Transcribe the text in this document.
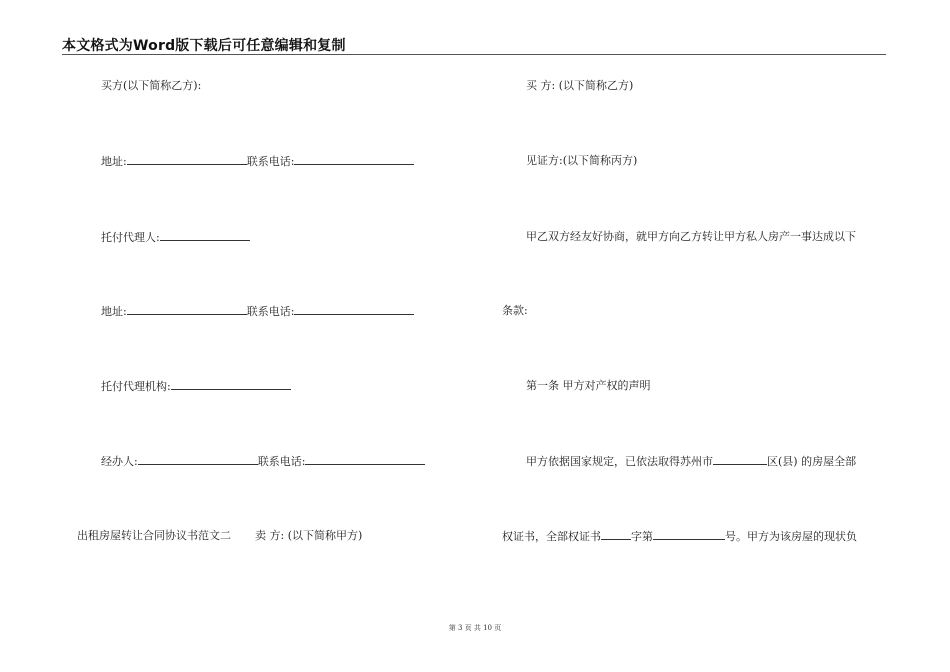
本文格式为Word版下载后可任意编辑和复制
买方(以下简称乙方):
地址:	联系电话:
托付代理人:
地址:	联系电话:
托付代理机构:
经办人:	联系电话:
出租房屋转让合同协议书范文二 卖 方: (以下简称甲方)
买 方: (以下简称乙方)
见证方:(以下简称丙方)
甲乙双方经友好协商，就甲方向乙方转让甲方私人房产一事达成以下
条款:
第一条 甲方对产权的声明
甲方依据国家规定，已依法取得苏州市	区(县) 的房屋全部
权证书，全部权证书	字第	号。甲方为该房屋的现状负
第 3 页 共 10 页
